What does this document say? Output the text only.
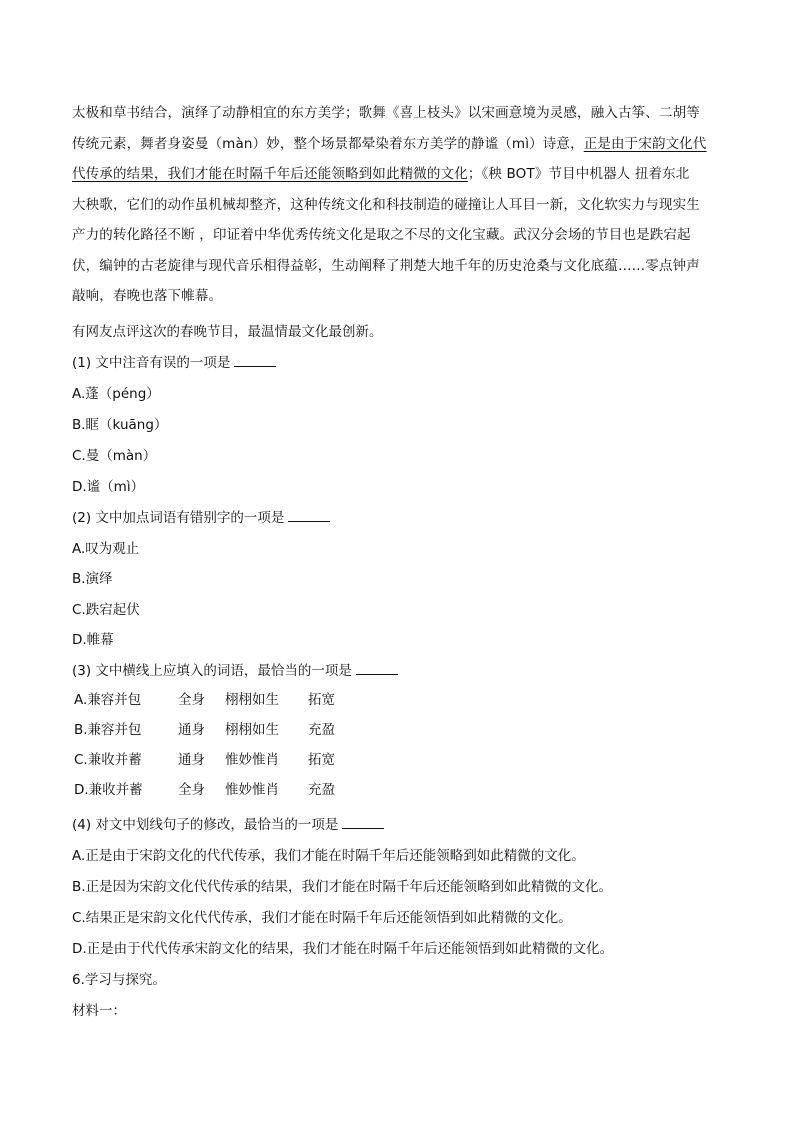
太极和草书结合，演绎了动静相宜的东方美学；歌舞《喜上枝头》以宋画意境为灵感，融入古筝、二胡等
传统元素，舞者身姿曼（màn）妙，整个场景都晕染着东方美学的静谧（mì）诗意，正是由于宋韵文化代
代传承的结果，我们才能在时隔千年后还能领略到如此精微的文化；《秧 BOT》节目中机器人 扭着东北
大秧歌，它们的动作虽机械却整齐，这种传统文化和科技制造的碰撞让人耳目一新，文化软实力与现实生
产力的转化路径不断 ，印证着中华优秀传统文化是取之不尽的文化宝藏。武汉分会场的节目也是跌宕起
伏，编钟的古老旋律与现代音乐相得益彰，生动阐释了荆楚大地千年的历史沧桑与文化底蕴……零点钟声
敲响，春晚也落下帷幕。
有网友点评这次的春晚节目，最温情最文化最创新。
(1) 文中注音有误的一项是
A.蓬（péng）
B.眶（kuāng）
C.曼（màn）
D.谧（mì）
(2) 文中加点词语有错别字的一项是
A.叹为观止
B.演绎
C.跌宕起伏
D.帷幕
(3) 文中横线上应填入的词语，最恰当的一项是
A.兼容并包	全身 栩栩如生 拓宽
B.兼容并包	通身 栩栩如生 充盈
C.兼收并蓄	通身 惟妙惟肖 拓宽
D.兼收并蓄	全身 惟妙惟肖 充盈
(4) 对文中划线句子的修改，最恰当的一项是
A.正是由于宋韵文化的代代传承，我们才能在时隔千年后还能领略到如此精微的文化。
B.正是因为宋韵文化代代传承的结果，我们才能在时隔千年后还能领略到如此精微的文化。
C.结果正是宋韵文化代代传承，我们才能在时隔千年后还能领悟到如此精微的文化。
D.正是由于代代传承宋韵文化的结果，我们才能在时隔千年后还能领悟到如此精微的文化。
6.学习与探究。
材料一：
